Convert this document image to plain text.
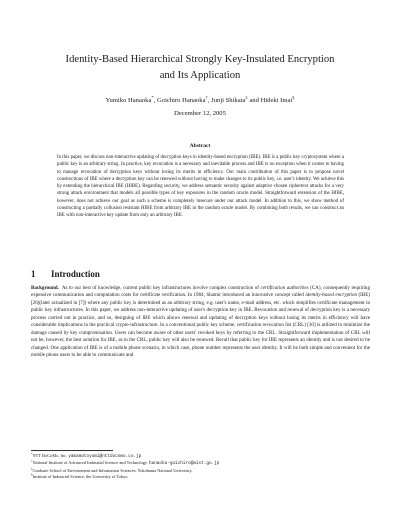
Identity-Based Hierarchical Strongly Key-Insulated Encryption
and Its Application
Yumiko Hanaoka*, Goichiro Hanaoka†, Junji Shikata‡ and Hideki Imai§
December 12, 2005
Abstract
In this paper, we discuss non-interactive updating of decryption keys in identity-based encryption (IBE). IBE is a public key cryptosystem where a public key is an arbitrary string. In practice, key revocation is a necessary and inevitable process and IBE is no exception when it comes to having to manage revocation of decryption keys without losing its merits in efficiency. Our main contribution of this paper is to propose novel constructions of IBE where a decryption key can be renewed without having to make changes to its public key, i.e. user's identity. We achieve this by extending the hierarchical IBE (HIBE). Regarding security, we address semantic security against adaptive chosen ciphertext attacks for a very strong attack environment that models all possible types of key exposures in the random oracle model. Straightforward extension of the HIBE, however, does not achieve our goal as such a scheme is completely insecure under our attack model. In addition to this, we show method of constructing a partially collusion resistant HIBE from arbitrary IBE in the random oracle model. By combining both results, we can construct an IBE with non-interactive key update from only an arbitrary IBE.
1 Introduction
Background. As to our best of knowledge, current public key infrastructures involve complex construction of certification authorities (CA), consequently requiring expensive communication and computation costs for certificate verification. In 1984, Shamir introduced an innovative concept called identity-based encryption (IBE) [26](later actualized in [7]) where any public key is determined as an arbitrary string, e.g. user's name, e-mail address, etc. which simplifies certificate management in public key infrastructures. In this paper, we address non-interactive updating of user's decryption key in IBE. Revocation and renewal of decryption key is a necessary process carried out in practice, and so, designing of IBE which allows renewal and updating of decryption keys without losing its merits in efficiency will have considerable implications in the practical crypto-infrastructure. In a conventional public key scheme, certification revocation list (CRL) [30] is utilized to minimize the damage caused by key compromisation. Users can become aware of other users' revoked keys by referring to the CRL. Straightforward implementation of CRL will not be, however, the best solution for IBE, as in the CRL, public key will also be renewed. Recall that public key for IBE represents an identity and is not desired to be changed. One application of IBE is of a mobile phone scenario, in which case, phone number represents the user identity. It will be both simple and convenient for the mobile phone users to be able to communicate and
*NTT DoCoMo, Inc. yamamotoyumi@nttdocomo.co.jp
†National Institute of Advanced Industrial Science and Technology. hanaoka-goichiro@aist.go.jp
‡Graduate School of Environment and Information Sciences, Yokohama National University.
§Institute of Industrial Science, the University of Tokyo.
